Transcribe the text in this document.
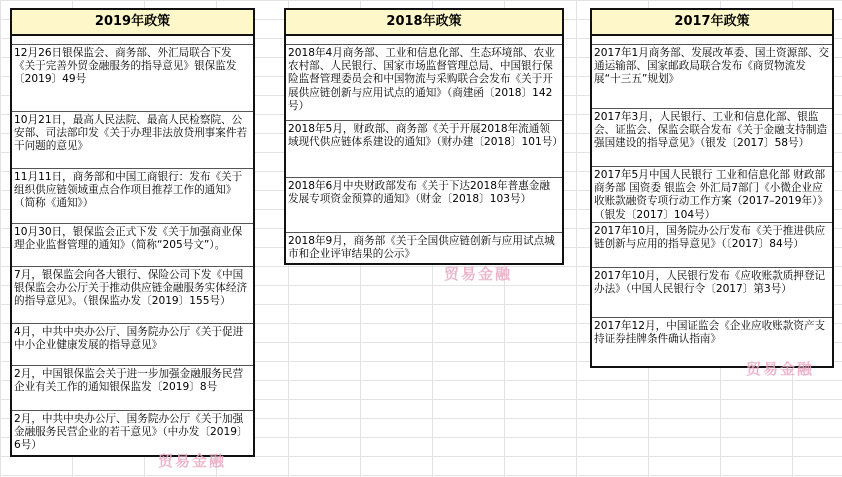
2019年政策
12月26日银保监会、商务部、外汇局联合下发《关于完善外贸金融服务的指导意见》银保监发〔2019〕49号
10月21日，最高人民法院、最高人民检察院、公安部、司法部印发《关于办理非法放贷刑事案件若干问题的意见》
11月11日，商务部和中国工商银行：发布《关于组织供应链领域重点合作项目推荐工作的通知》（简称《通知》）
10月30日，银保监会正式下发《关于加强商业保理企业监督管理的通知》（简称“205号文”）。
7月，银保监会向各大银行、保险公司下发《中国银保监会办公厅关于推动供应链金融服务实体经济的指导意见》。（银保监办发〔2019〕155号）
4月，中共中央办公厅、国务院办公厅《关于促进中小企业健康发展的指导意见》
2月，中国银保监会关于进一步加强金融服务民营企业有关工作的通知银保监发〔2019〕8号
2月，中共中央办公厅、国务院办公厅《关于加强金融服务民营企业的若干意见》（中办发〔2019〕6号）
2018年政策
2018年4月商务部、工业和信息化部、生态环境部、农业农村部、人民银行、国家市场监督管理总局、中国银行保险监督管理委员会和中国物流与采购联合会发布《关于开展供应链创新与应用试点的通知》（商建函〔2018〕142号）
2018年5月，财政部、商务部《关于开展2018年流通领域现代供应链体系建设的通知》（财办建〔2018〕101号）
2018年6月中央财政部发布《关于下达2018年普惠金融发展专项资金预算的通知》（财金〔2018〕103号）
2018年9月，商务部《关于全国供应链创新与应用试点城市和企业评审结果的公示》
2017年政策
2017年1月商务部、发展改革委、国土资源部、交通运输部、国家邮政局联合发布《商贸物流发展“十三五”规划》
2017年3月，人民银行、工业和信息化部、银监会、证监会、保监会联合发布《关于金融支持制造强国建设的指导意见》（银发〔2017〕58号）
2017年5月中国人民银行 工业和信息化部 财政部 商务部 国资委 银监会 外汇局7部门《小微企业应收账款融资专项行动工作方案（2017–2019年）》（银发〔2017〕104号）
2017年10月，国务院办公厅发布《关于推进供应链创新与应用的指导意见》（〔2017〕84号）
2017年10月，人民银行发布《应收账款质押登记办法》（中国人民银行令〔2017〕第3号）
2017年12月，中国证监会《企业应收账款资产支持证券挂牌条件确认指南》
贸易金融
贸易金融
贸易金融
